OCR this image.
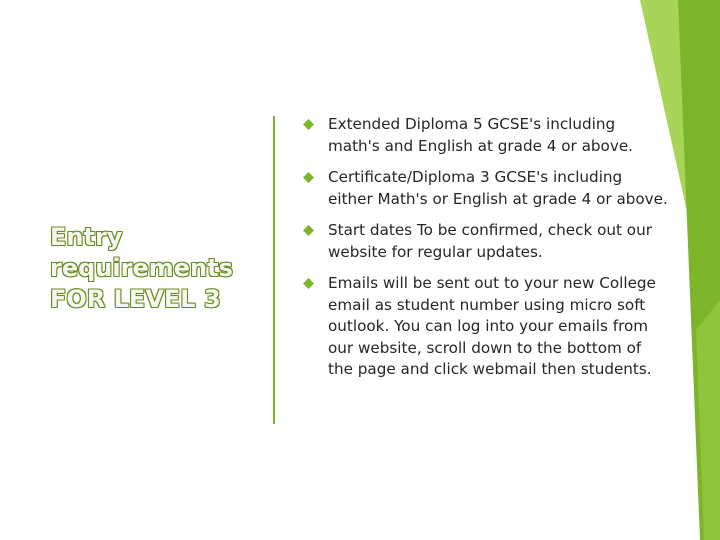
Entry
requirements
FOR LEVEL 3
Extended Diploma 5 GCSE's including math's and English at grade 4 or above.
Certificate/Diploma 3 GCSE's including either Math's or English at grade 4 or above.
Start dates To be confirmed, check out our website for regular updates.
Emails will be sent out to your new College email as student number using micro soft outlook. You can log into your emails from our website, scroll down to the bottom of the page and click webmail then students.
